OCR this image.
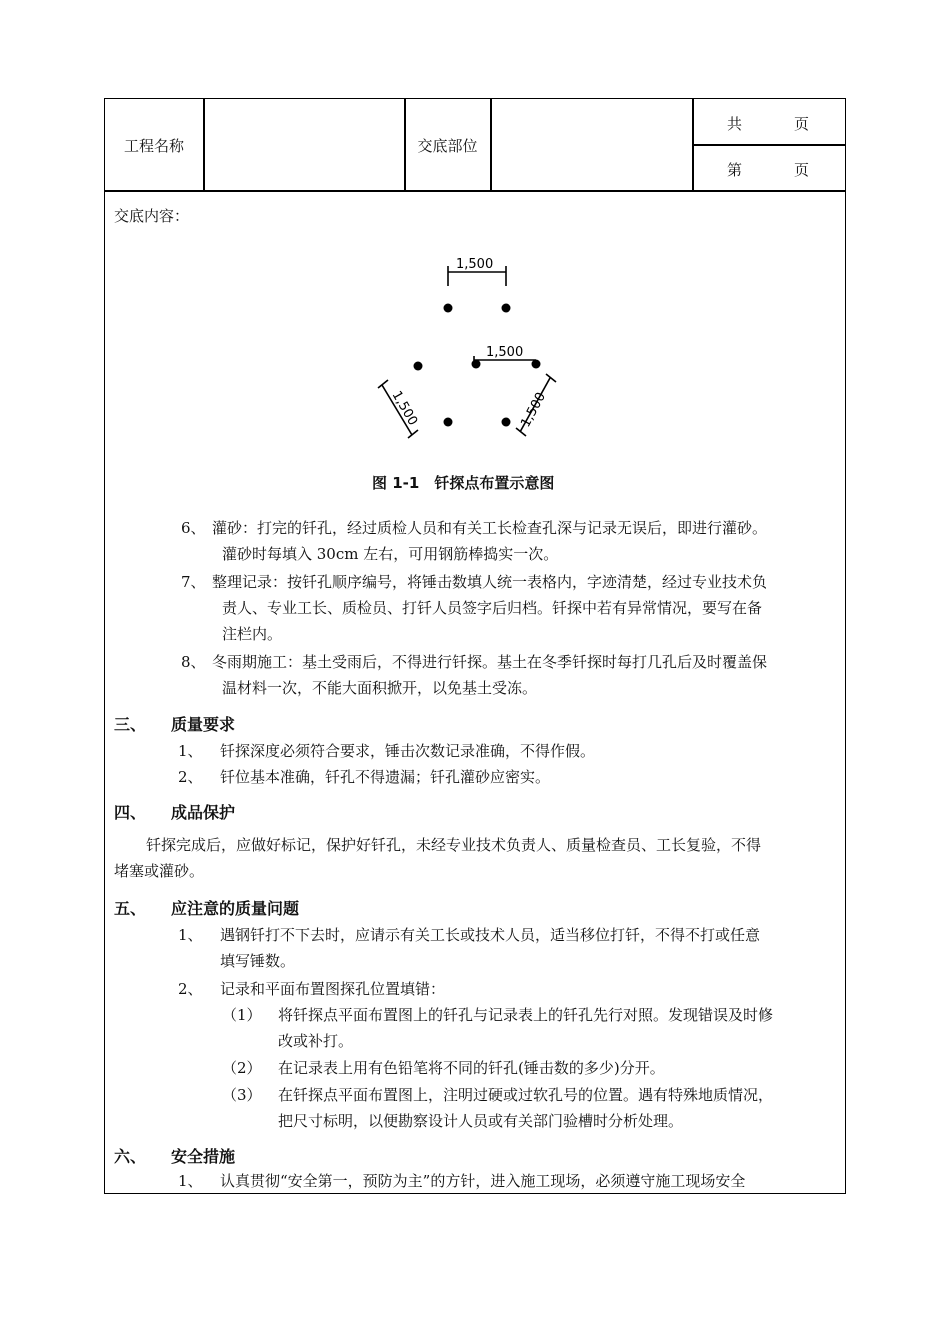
工程名称	交底部位
共	页
第	页
交底内容：
1,500
1,500
1,500	1,500
图 1-1　钎探点布置示意图
6、 灌砂：打完的钎孔，经过质检人员和有关工长检查孔深与记录无误后，即进行灌砂。
灌砂时每填入 30cm 左右，可用钢筋棒捣实一次。
7、 整理记录：按钎孔顺序编号，将锤击数填人统一表格内，字迹清楚，经过专业技术负
责人、专业工长、质检员、打钎人员签字后归档。钎探中若有异常情况，要写在备
注栏内。
8、 冬雨期施工：基土受雨后，不得进行钎探。基土在冬季钎探时每打几孔后及时覆盖保
温材料一次，不能大面积掀开，以免基土受冻。
三、 质量要求
1、 钎探深度必须符合要求，锤击次数记录准确，不得作假。
2、 钎位基本准确，钎孔不得遗漏；钎孔灌砂应密实。
四、 成品保护
钎探完成后，应做好标记，保护好钎孔，未经专业技术负责人、质量检查员、工长复验，不得
堵塞或灌砂。
五、 应注意的质量问题
1、 遇钢钎打不下去时，应请示有关工长或技术人员，适当移位打钎，不得不打或任意
填写锤数。
2、 记录和平面布置图探孔位置填错：
（1） 将钎探点平面布置图上的钎孔与记录表上的钎孔先行对照。发现错误及时修
改或补打。
（2） 在记录表上用有色铅笔将不同的钎孔(锤击数的多少)分开。
（3） 在钎探点平面布置图上，注明过硬或过软孔号的位置。遇有特殊地质情况，
把尺寸标明，以便勘察设计人员或有关部门验槽时分析处理。
六、 安全措施
1、 认真贯彻“安全第一，预防为主”的方针，进入施工现场，必须遵守施工现场安全
